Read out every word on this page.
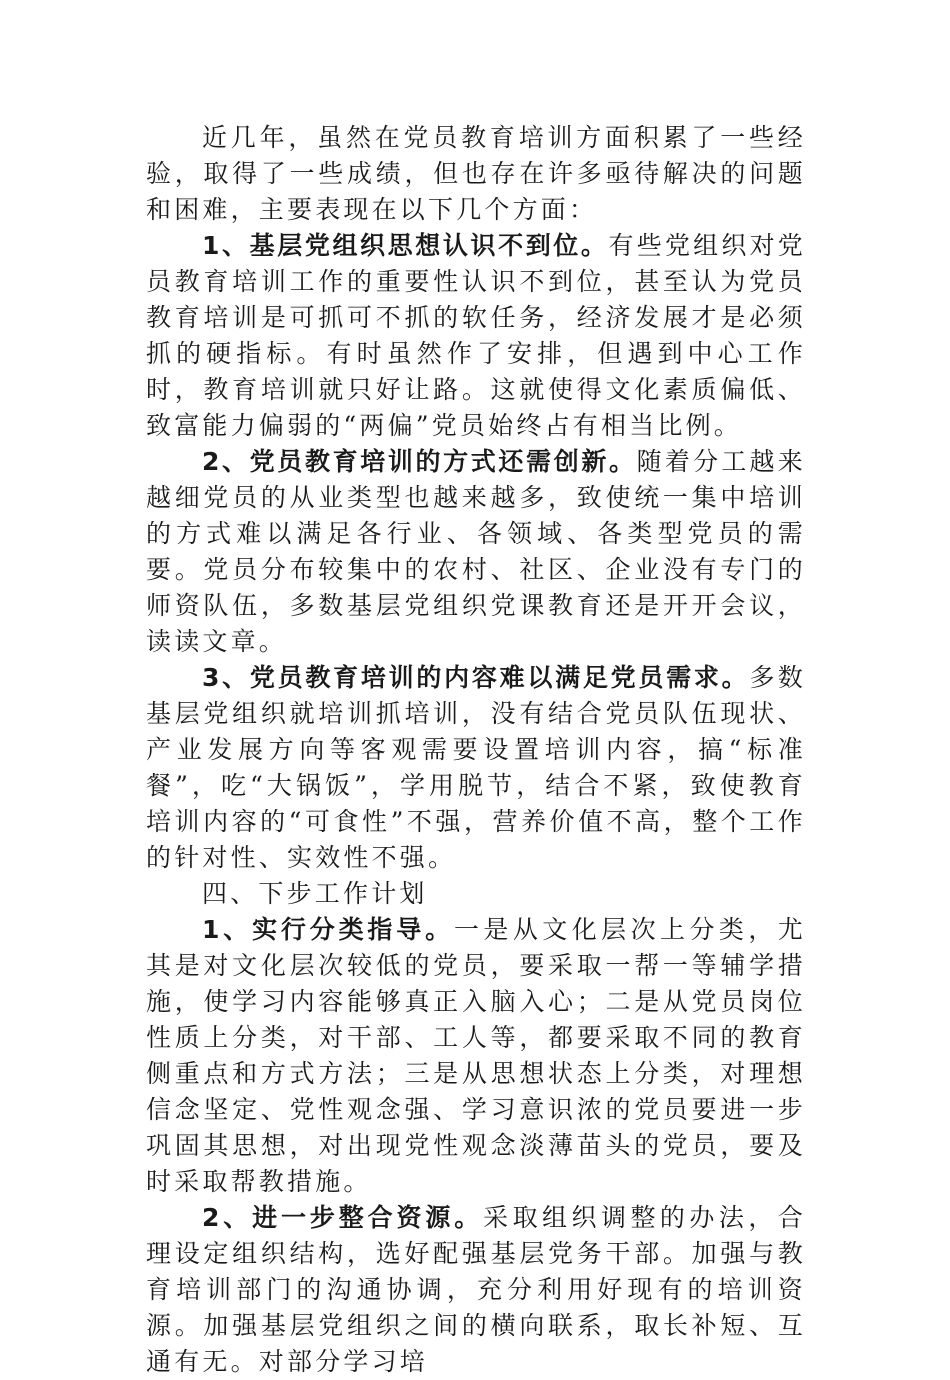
近几年，虽然在党员教育培训方面积累了一些经验，取得了一些成绩，但也存在许多亟待解决的问题和困难，主要表现在以下几个方面：

1、基层党组织思想认识不到位。有些党组织对党员教育培训工作的重要性认识不到位，甚至认为党员教育培训是可抓可不抓的软任务，经济发展才是必须抓的硬指标。有时虽然作了安排，但遇到中心工作时，教育培训就只好让路。这就使得文化素质偏低、致富能力偏弱的“两偏”党员始终占有相当比例。

2、党员教育培训的方式还需创新。随着分工越来越细党员的从业类型也越来越多，致使统一集中培训的方式难以满足各行业、各领域、各类型党员的需要。党员分布较集中的农村、社区、企业没有专门的师资队伍，多数基层党组织党课教育还是开开会议，读读文章。

3、党员教育培训的内容难以满足党员需求。多数基层党组织就培训抓培训，没有结合党员队伍现状、产业发展方向等客观需要设置培训内容，搞“标准餐”，吃“大锅饭”，学用脱节，结合不紧，致使教育培训内容的“可食性”不强，营养价值不高，整个工作的针对性、实效性不强。

四、下步工作计划

1、实行分类指导。一是从文化层次上分类，尤其是对文化层次较低的党员，要采取一帮一等辅学措施，使学习内容能够真正入脑入心；二是从党员岗位性质上分类，对干部、工人等，都要采取不同的教育侧重点和方式方法；三是从思想状态上分类，对理想信念坚定、党性观念强、学习意识浓的党员要进一步巩固其思想，对出现党性观念淡薄苗头的党员，要及时采取帮教措施。

2、进一步整合资源。采取组织调整的办法，合理设定组织结构，选好配强基层党务干部。加强与教育培训部门的沟通协调，充分利用好现有的培训资源。加强基层党组织之间的横向联系，取长补短、互通有无。对部分学习培
